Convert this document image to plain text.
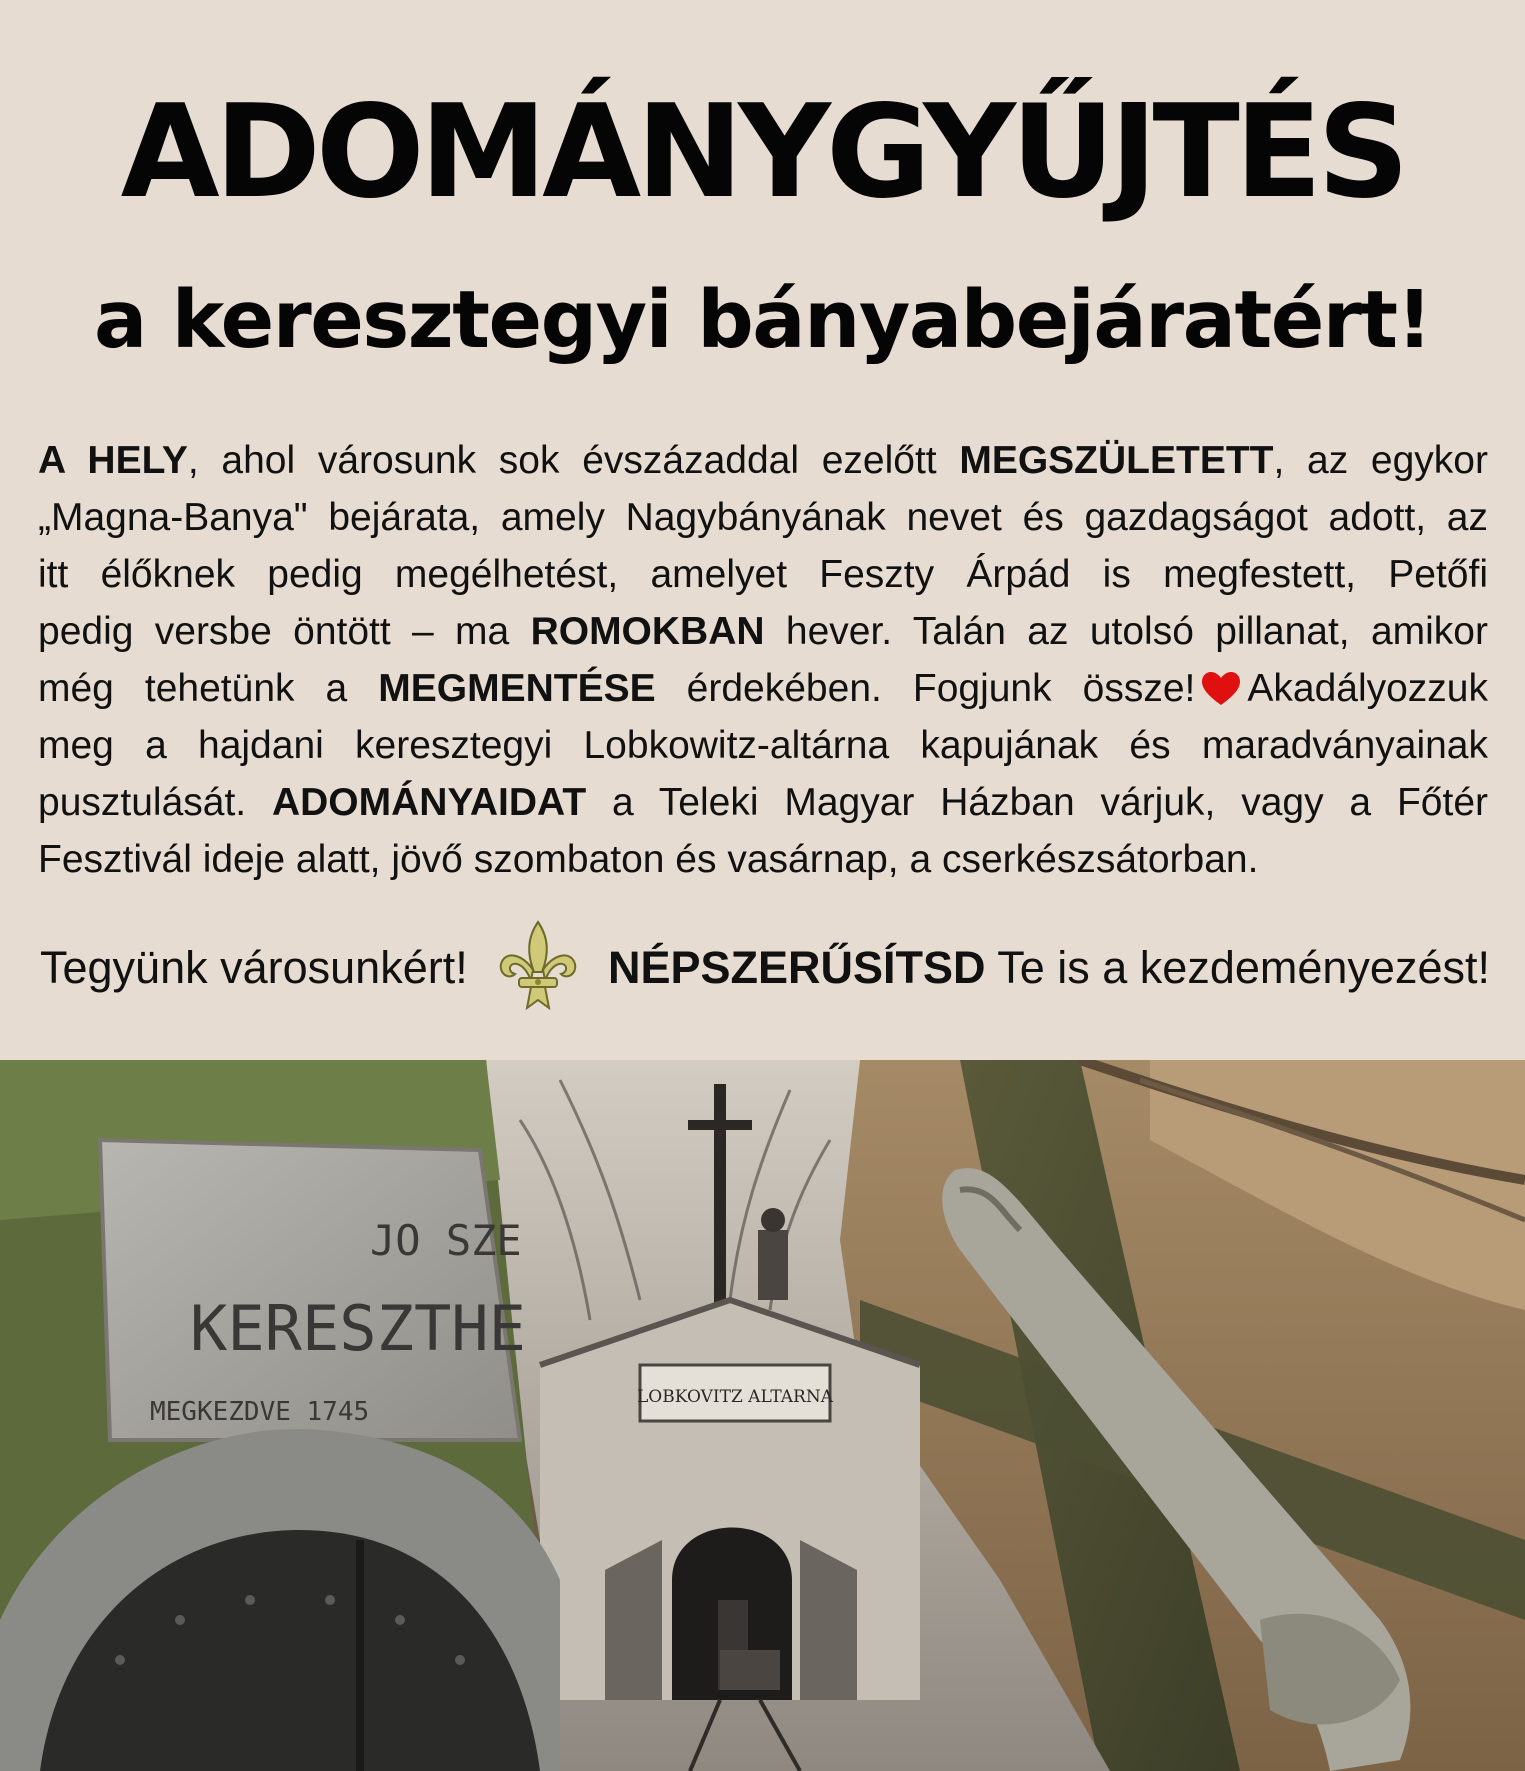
ADOMÁNYGYŰJTÉS
a keresztegyi bányabejáratért!
A HELY, ahol városunk sok évszázaddal ezelőtt MEGSZÜLETETT, az egykor
„Magna-Banya" bejárata, amely Nagybányának nevet és gazdagságot adott, az
itt élőknek pedig megélhetést, amelyet Feszty Árpád is megfestett, Petőfi
pedig versbe öntött – ma ROMOKBAN hever. Talán az utolsó pillanat, amikor
még tehetünk a MEGMENTÉSE érdekében. Fogjunk össze! Akadályozzuk
meg a hajdani keresztegyi Lobkowitz-altárna kapujának és maradványainak
pusztulását. ADOMÁNYAIDAT a Teleki Magyar Házban várjuk, vagy a Főtér
Fesztivál ideje alatt, jövő szombaton és vasárnap, a cserkészsátorban.
Tegyünk városunkért!	NÉPSZERŰSÍTSD Te is a kezdeményezést!
LOBKOVITZ ALTARNA
JO SZE
KERESZTHE
MEGKEZDVE 1745
